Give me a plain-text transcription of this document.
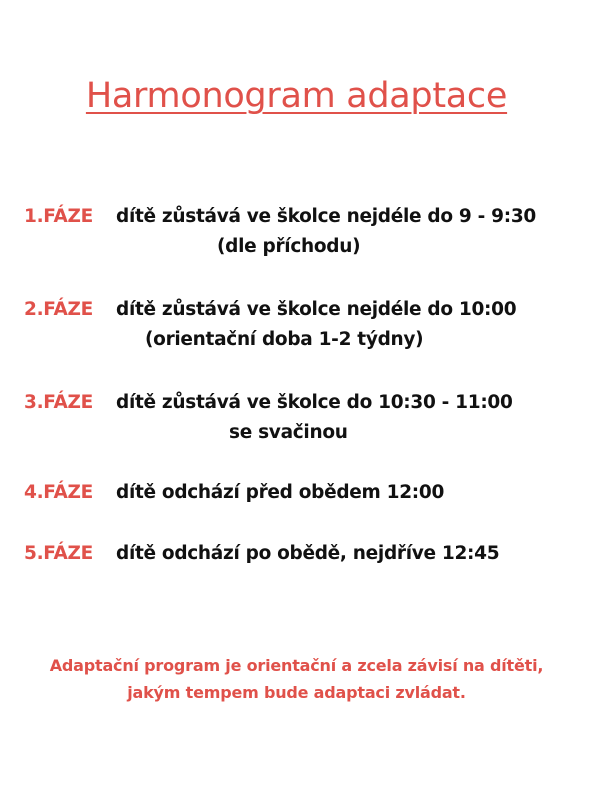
Harmonogram adaptace
1.FÁZE dítě zůstává ve školce nejdéle do 9 - 9:30
(dle příchodu)
2.FÁZE dítě zůstává ve školce nejdéle do 10:00
(orientační doba 1-2 týdny)
3.FÁZE dítě zůstává ve školce do 10:30 - 11:00
se svačinou
4.FÁZE dítě odchází před obědem 12:00
5.FÁZE dítě odchází po obědě, nejdříve 12:45
Adaptační program je orientační a zcela závisí na dítěti,
jakým tempem bude adaptaci zvládat.
